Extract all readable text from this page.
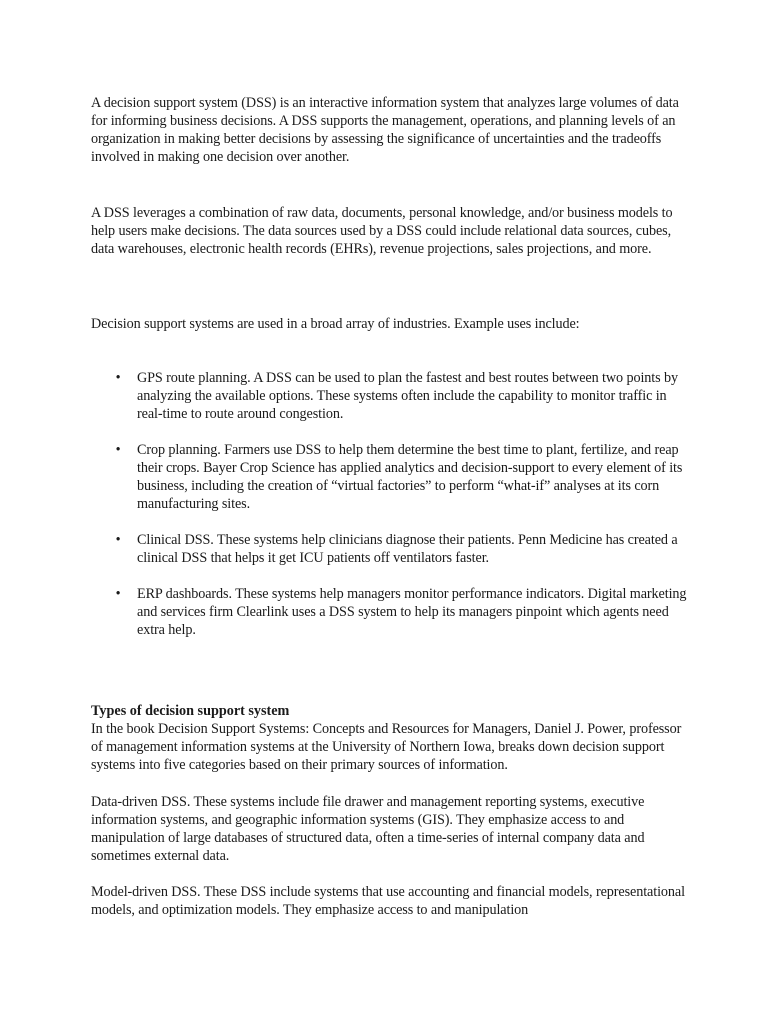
A decision support system (DSS) is an interactive information system that analyzes large volumes of data for informing business decisions. A DSS supports the management, operations, and planning levels of an organization in making better decisions by assessing the significance of uncertainties and the tradeoffs involved in making one decision over another.

A DSS leverages a combination of raw data, documents, personal knowledge, and/or business models to help users make decisions. The data sources used by a DSS could include relational data sources, cubes, data warehouses, electronic health records (EHRs), revenue projections, sales projections, and more.

Decision support systems are used in a broad array of industries. Example uses include:

• GPS route planning. A DSS can be used to plan the fastest and best routes between two points by analyzing the available options. These systems often include the capability to monitor traffic in real-time to route around congestion.
• Crop planning. Farmers use DSS to help them determine the best time to plant, fertilize, and reap their crops. Bayer Crop Science has applied analytics and decision-support to every element of its business, including the creation of “virtual factories” to perform “what-if” analyses at its corn manufacturing sites.
• Clinical DSS. These systems help clinicians diagnose their patients. Penn Medicine has created a clinical DSS that helps it get ICU patients off ventilators faster.
• ERP dashboards. These systems help managers monitor performance indicators. Digital marketing and services firm Clearlink uses a DSS system to help its managers pinpoint which agents need extra help.
Types of decision support system

In the book Decision Support Systems: Concepts and Resources for Managers, Daniel J. Power, professor of management information systems at the University of Northern Iowa, breaks down decision support systems into five categories based on their primary sources of information.

Data-driven DSS. These systems include file drawer and management reporting systems, executive information systems, and geographic information systems (GIS). They emphasize access to and manipulation of large databases of structured data, often a time-series of internal company data and sometimes external data.

Model-driven DSS. These DSS include systems that use accounting and financial models, representational models, and optimization models. They emphasize access to and manipulation
